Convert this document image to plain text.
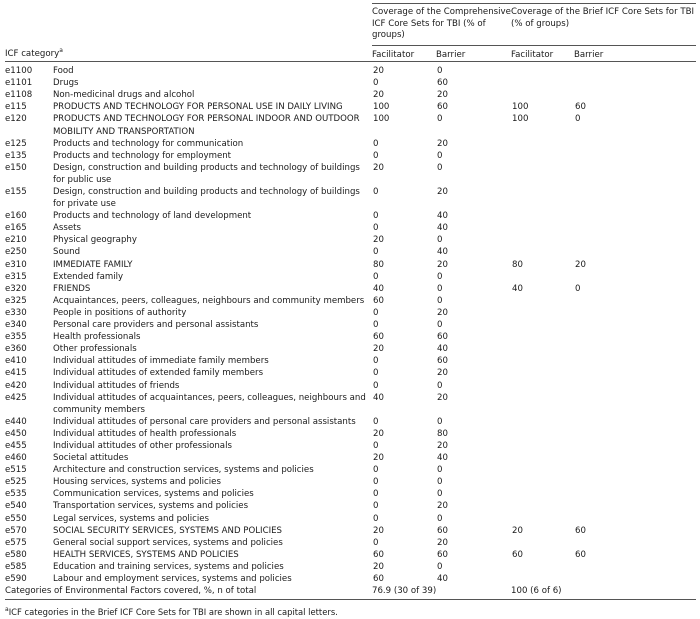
		Coverage of the Comprehensive ICF Core Sets for TBI (% of groups)		Coverage of the Brief ICF Core Sets for TBI (% of groups)	
ICF category$^a$		Facilitator	Barrier	Facilitator	Barrier
e1100	Food	20	0		
e1101	Drugs	0	60		
e1108	Non-medicinal drugs and alcohol	20	20		
e115	PRODUCTS AND TECHNOLOGY FOR PERSONAL USE IN DAILY LIVING	100	60	100	60
e120	PRODUCTS AND TECHNOLOGY FOR PERSONAL INDOOR AND OUTDOOR MOBILITY AND TRANSPORTATION	100	0	100	0
e125	Products and technology for communication	0	20		
e135	Products and technology for employment	0	0		
e150	Design, construction and building products and technology of buildings for public use	20	0		
e155	Design, construction and building products and technology of buildings for private use	0	20		
e160	Products and technology of land development	0	40		
e165	Assets	0	40		
e210	Physical geography	20	0		
e250	Sound	0	40		
e310	IMMEDIATE FAMILY	80	20	80	20
e315	Extended family	0	0		
e320	FRIENDS	40	0	40	0
e325	Acquaintances, peers, colleagues, neighbours and community members	60	0		
e330	People in positions of authority	0	20		
e340	Personal care providers and personal assistants	0	0		
e355	Health professionals	60	60		
e360	Other professionals	20	40		
e410	Individual attitudes of immediate family members	0	60		
e415	Individual attitudes of extended family members	0	20		
e420	Individual attitudes of friends	0	0		
e425	Individual attitudes of acquaintances, peers, colleagues, neighbours and community members	40	20		
e440	Individual attitudes of personal care providers and personal assistants	0	0		
e450	Individual attitudes of health professionals	20	80		
e455	Individual attitudes of other professionals	0	20		
e460	Societal attitudes	20	40		
e515	Architecture and construction services, systems and policies	0	0		
e525	Housing services, systems and policies	0	0		
e535	Communication services, systems and policies	0	0		
e540	Transportation services, systems and policies	0	20		
e550	Legal services, systems and policies	0	0		
e570	SOCIAL SECURITY SERVICES, SYSTEMS AND POLICIES	20	60	20	60
e575	General social support services, systems and policies	0	20		
e580	HEALTH SERVICES, SYSTEMS AND POLICIES	60	60	60	60
e585	Education and training services, systems and policies	20	0		
e590	Labour and employment services, systems and policies	60	40		
Categories of Environmental Factors covered, %, n of total		76.9 (30 of 39)		100 (6 of 6)	
$^a$ICF categories in the Brief ICF Core Sets for TBI are shown in all capital letters.
